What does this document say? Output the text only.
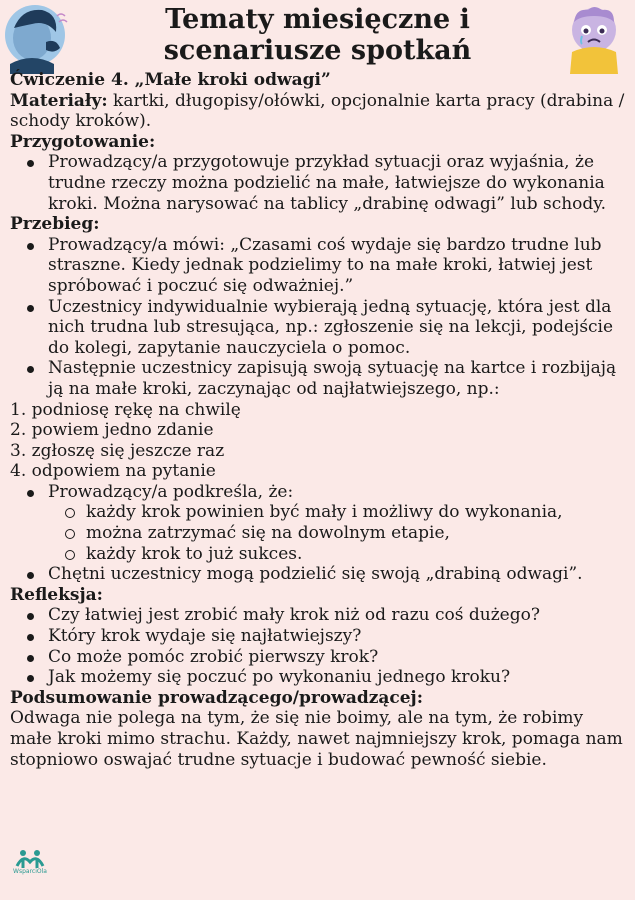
Tematy miesięczne i
scenariusze spotkań

Ćwiczenie 4. „Małe kroki odwagi”

Materiały: kartki, długopisy/ołówki, opcjonalnie karta pracy (drabina / schody kroków).

Przygotowanie:

Prowadzący/a przygotowuje przykład sytuacji oraz wyjaśnia, że trudne rzeczy można podzielić na małe, łatwiejsze do wykonania kroki. Można narysować na tablicy „drabinę odwagi” lub schody.

Przebieg:

Prowadzący/a mówi: „Czasami coś wydaje się bardzo trudne lub straszne. Kiedy jednak podzielimy to na małe kroki, łatwiej jest spróbować i poczuć się odważniej.”
Uczestnicy indywidualnie wybierają jedną sytuację, która jest dla nich trudna lub stresująca, np.: zgłoszenie się na lekcji, podejście do kolegi, zapytanie nauczyciela o pomoc.
Następnie uczestnicy zapisują swoją sytuację na kartce i rozbijają ją na małe kroki, zaczynając od najłatwiejszego, np.:
1. podniosę rękę na chwilę
2. powiem jedno zdanie
3. zgłoszę się jeszcze raz
4. odpowiem na pytanie
Prowadzący/a podkreśla, że:
każdy krok powinien być mały i możliwy do wykonania,
można zatrzymać się na dowolnym etapie,
każdy krok to już sukces.
Chętni uczestnicy mogą podzielić się swoją „drabiną odwagi”.

Refleksja:

Czy łatwiej jest zrobić mały krok niż od razu coś dużego?
Który krok wydaje się najłatwiejszy?
Co może pomóc zrobić pierwszy krok?
Jak możemy się poczuć po wykonaniu jednego kroku?

Podsumowanie prowadzącego/prowadzącej:

Odwaga nie polega na tym, że się nie boimy, ale na tym, że robimy małe kroki mimo strachu. Każdy, nawet najmniejszy krok, pomaga nam stopniowo oswajać trudne sytuacje i budować pewność siebie.

WsparciOla
